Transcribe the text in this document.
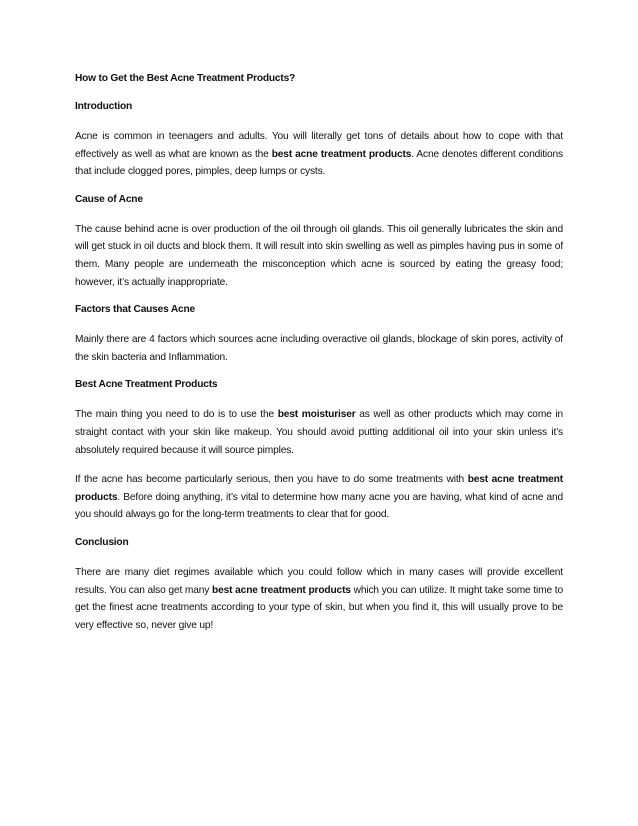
How to Get the Best Acne Treatment Products?
Introduction
Acne is common in teenagers and adults. You will literally get tons of details about how to cope with that effectively as well as what are known as the best acne treatment products. Acne denotes different conditions that include clogged pores, pimples, deep lumps or cysts.
Cause of Acne
The cause behind acne is over production of the oil through oil glands. This oil generally lubricates the skin and will get stuck in oil ducts and block them. It will result into skin swelling as well as pimples having pus in some of them. Many people are underneath the misconception which acne is sourced by eating the greasy food; however, it’s actually inappropriate.
Factors that Causes Acne
Mainly there are 4 factors which sources acne including overactive oil glands, blockage of skin pores, activity of the skin bacteria and Inflammation.
Best Acne Treatment Products
The main thing you need to do is to use the best moisturiser as well as other products which may come in straight contact with your skin like makeup. You should avoid putting additional oil into your skin unless it’s absolutely required because it will source pimples.
If the acne has become particularly serious, then you have to do some treatments with best acne treatment products. Before doing anything, it’s vital to determine how many acne you are having, what kind of acne and you should always go for the long-term treatments to clear that for good.
Conclusion
There are many diet regimes available which you could follow which in many cases will provide excellent results. You can also get many best acne treatment products which you can utilize. It might take some time to get the finest acne treatments according to your type of skin, but when you find it, this will usually prove to be very effective so, never give up!
